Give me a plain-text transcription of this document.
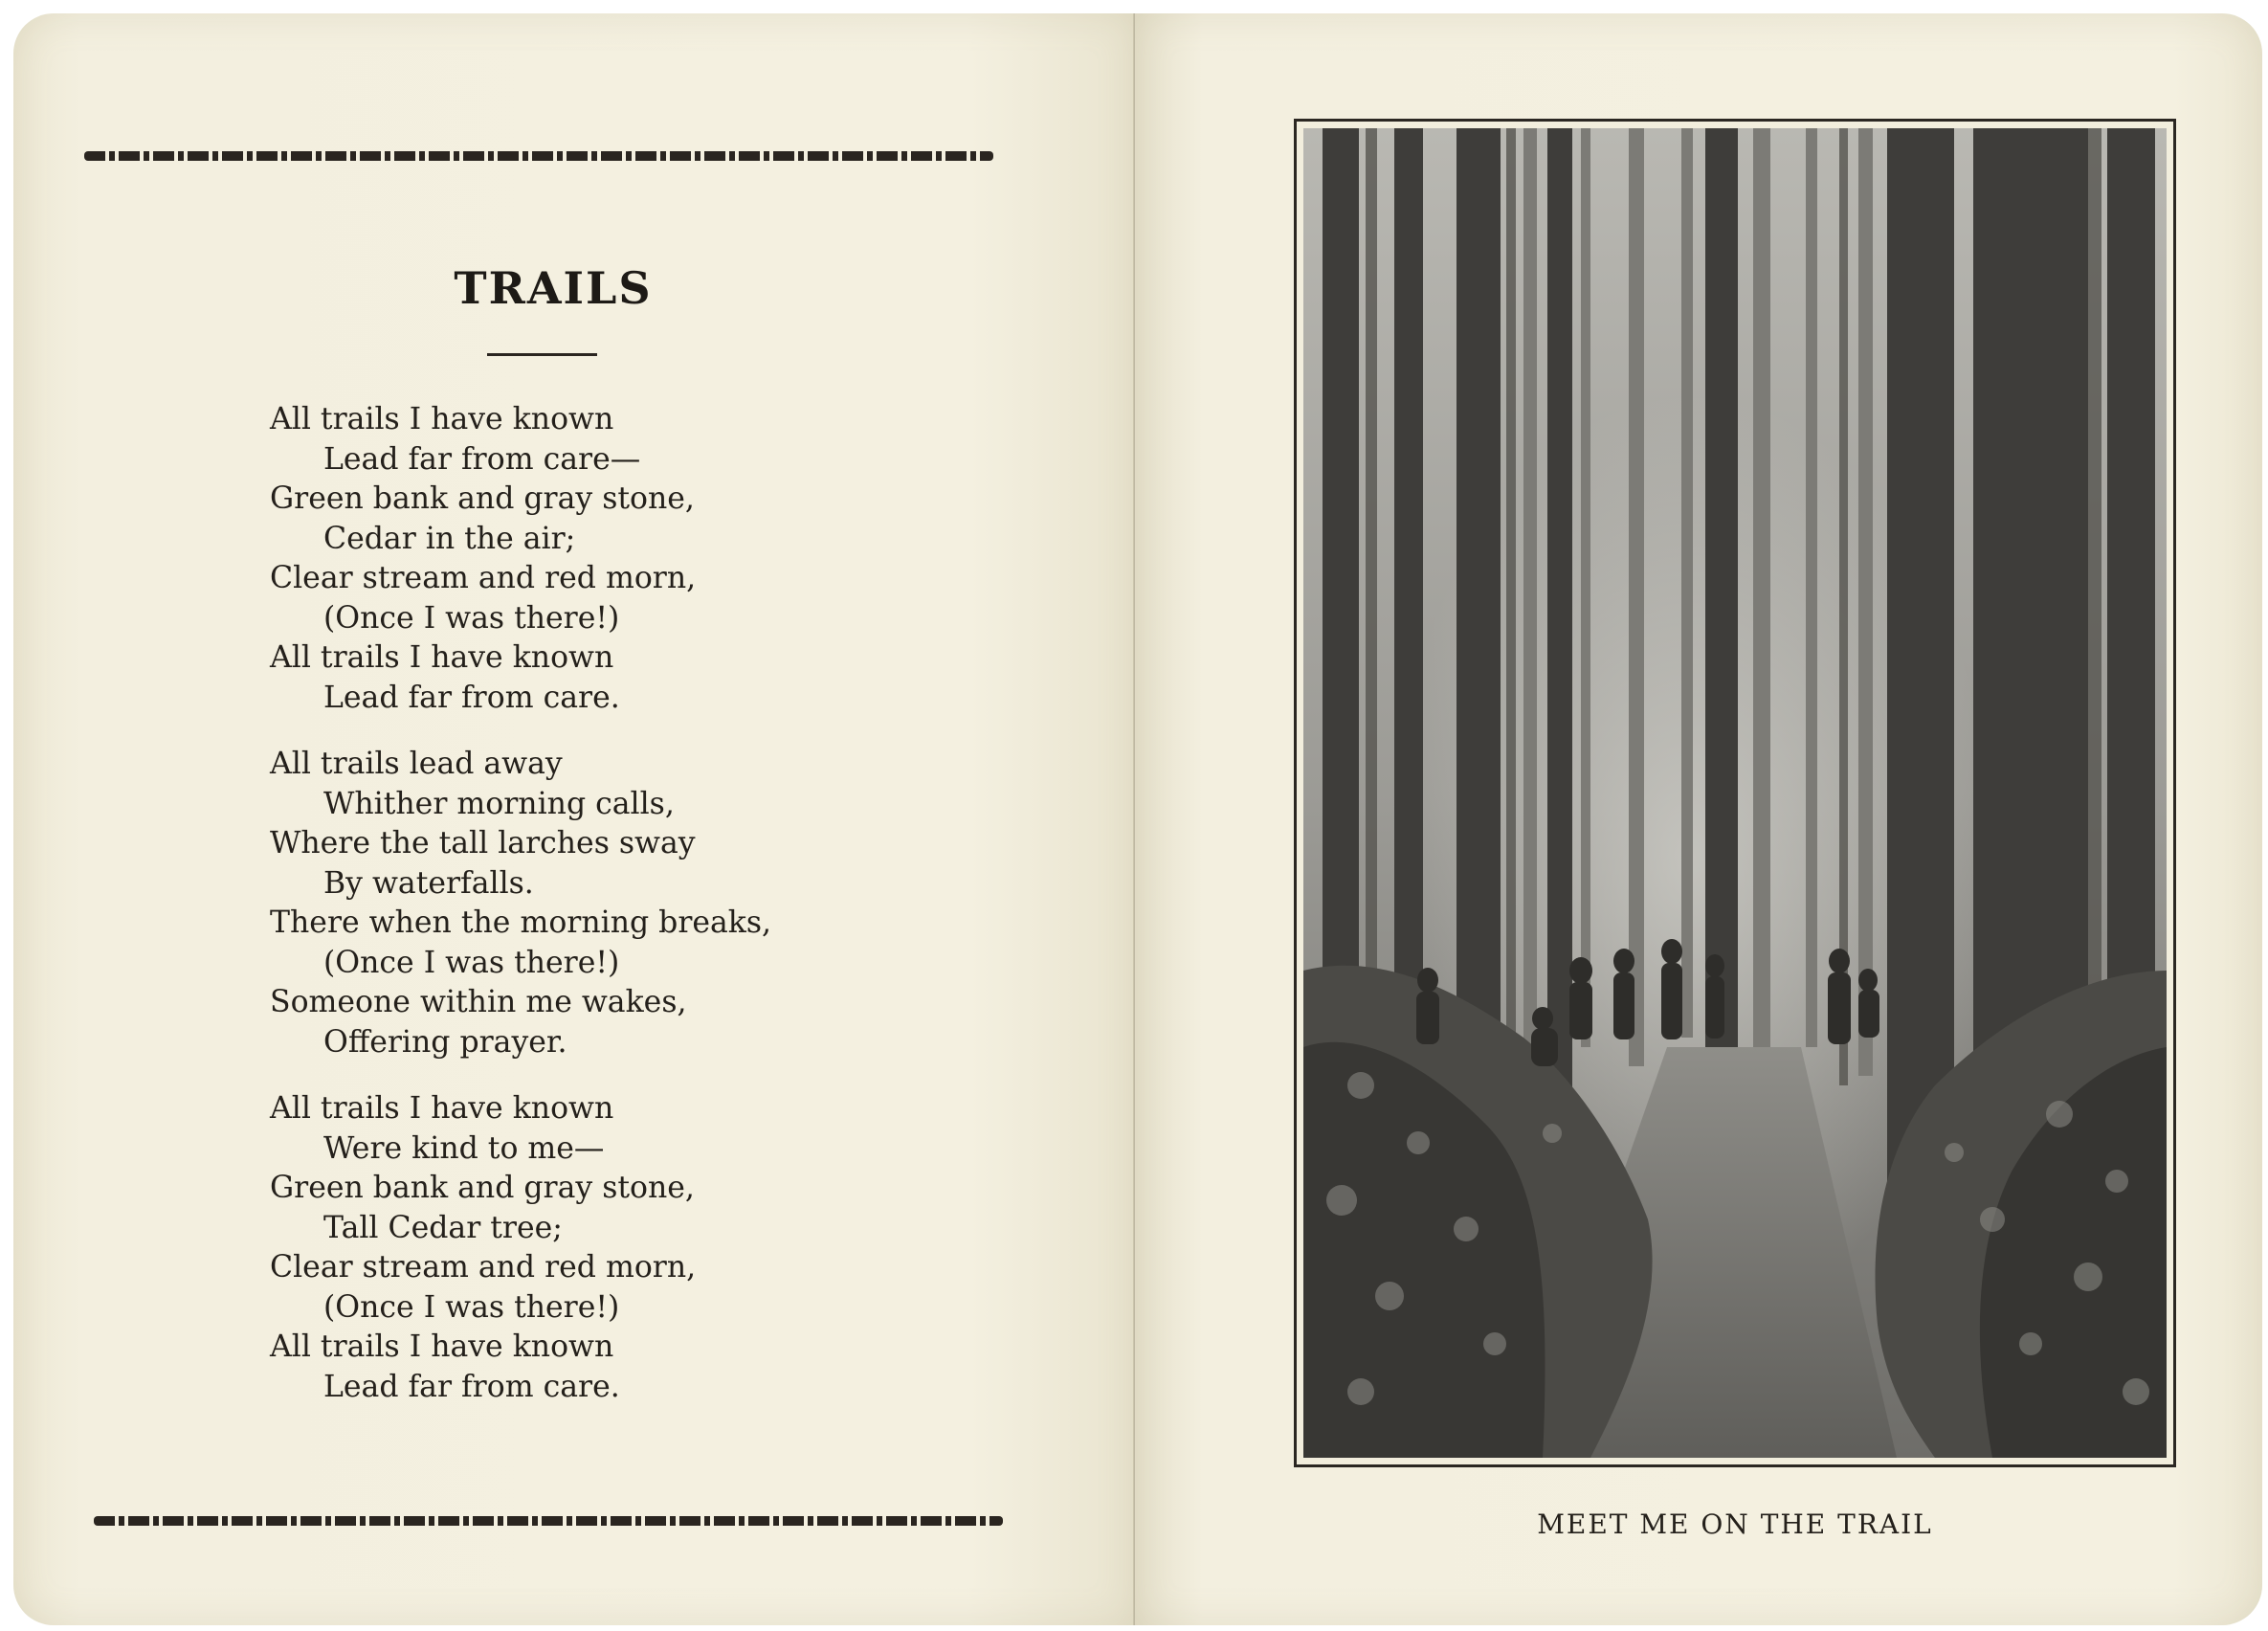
TRAILS
All trails I have known
Lead far from care—
Green bank and gray stone,
Cedar in the air;
Clear stream and red morn,
(Once I was there!)
All trails I have known
Lead far from care.
All trails lead away
Whither morning calls,
Where the tall larches sway
By waterfalls.
There when the morning breaks,
(Once I was there!)
Someone within me wakes,
Offering prayer.
All trails I have known
Were kind to me—
Green bank and gray stone,
Tall Cedar tree;
Clear stream and red morn,
(Once I was there!)
All trails I have known
Lead far from care.
MEET ME ON THE TRAIL
